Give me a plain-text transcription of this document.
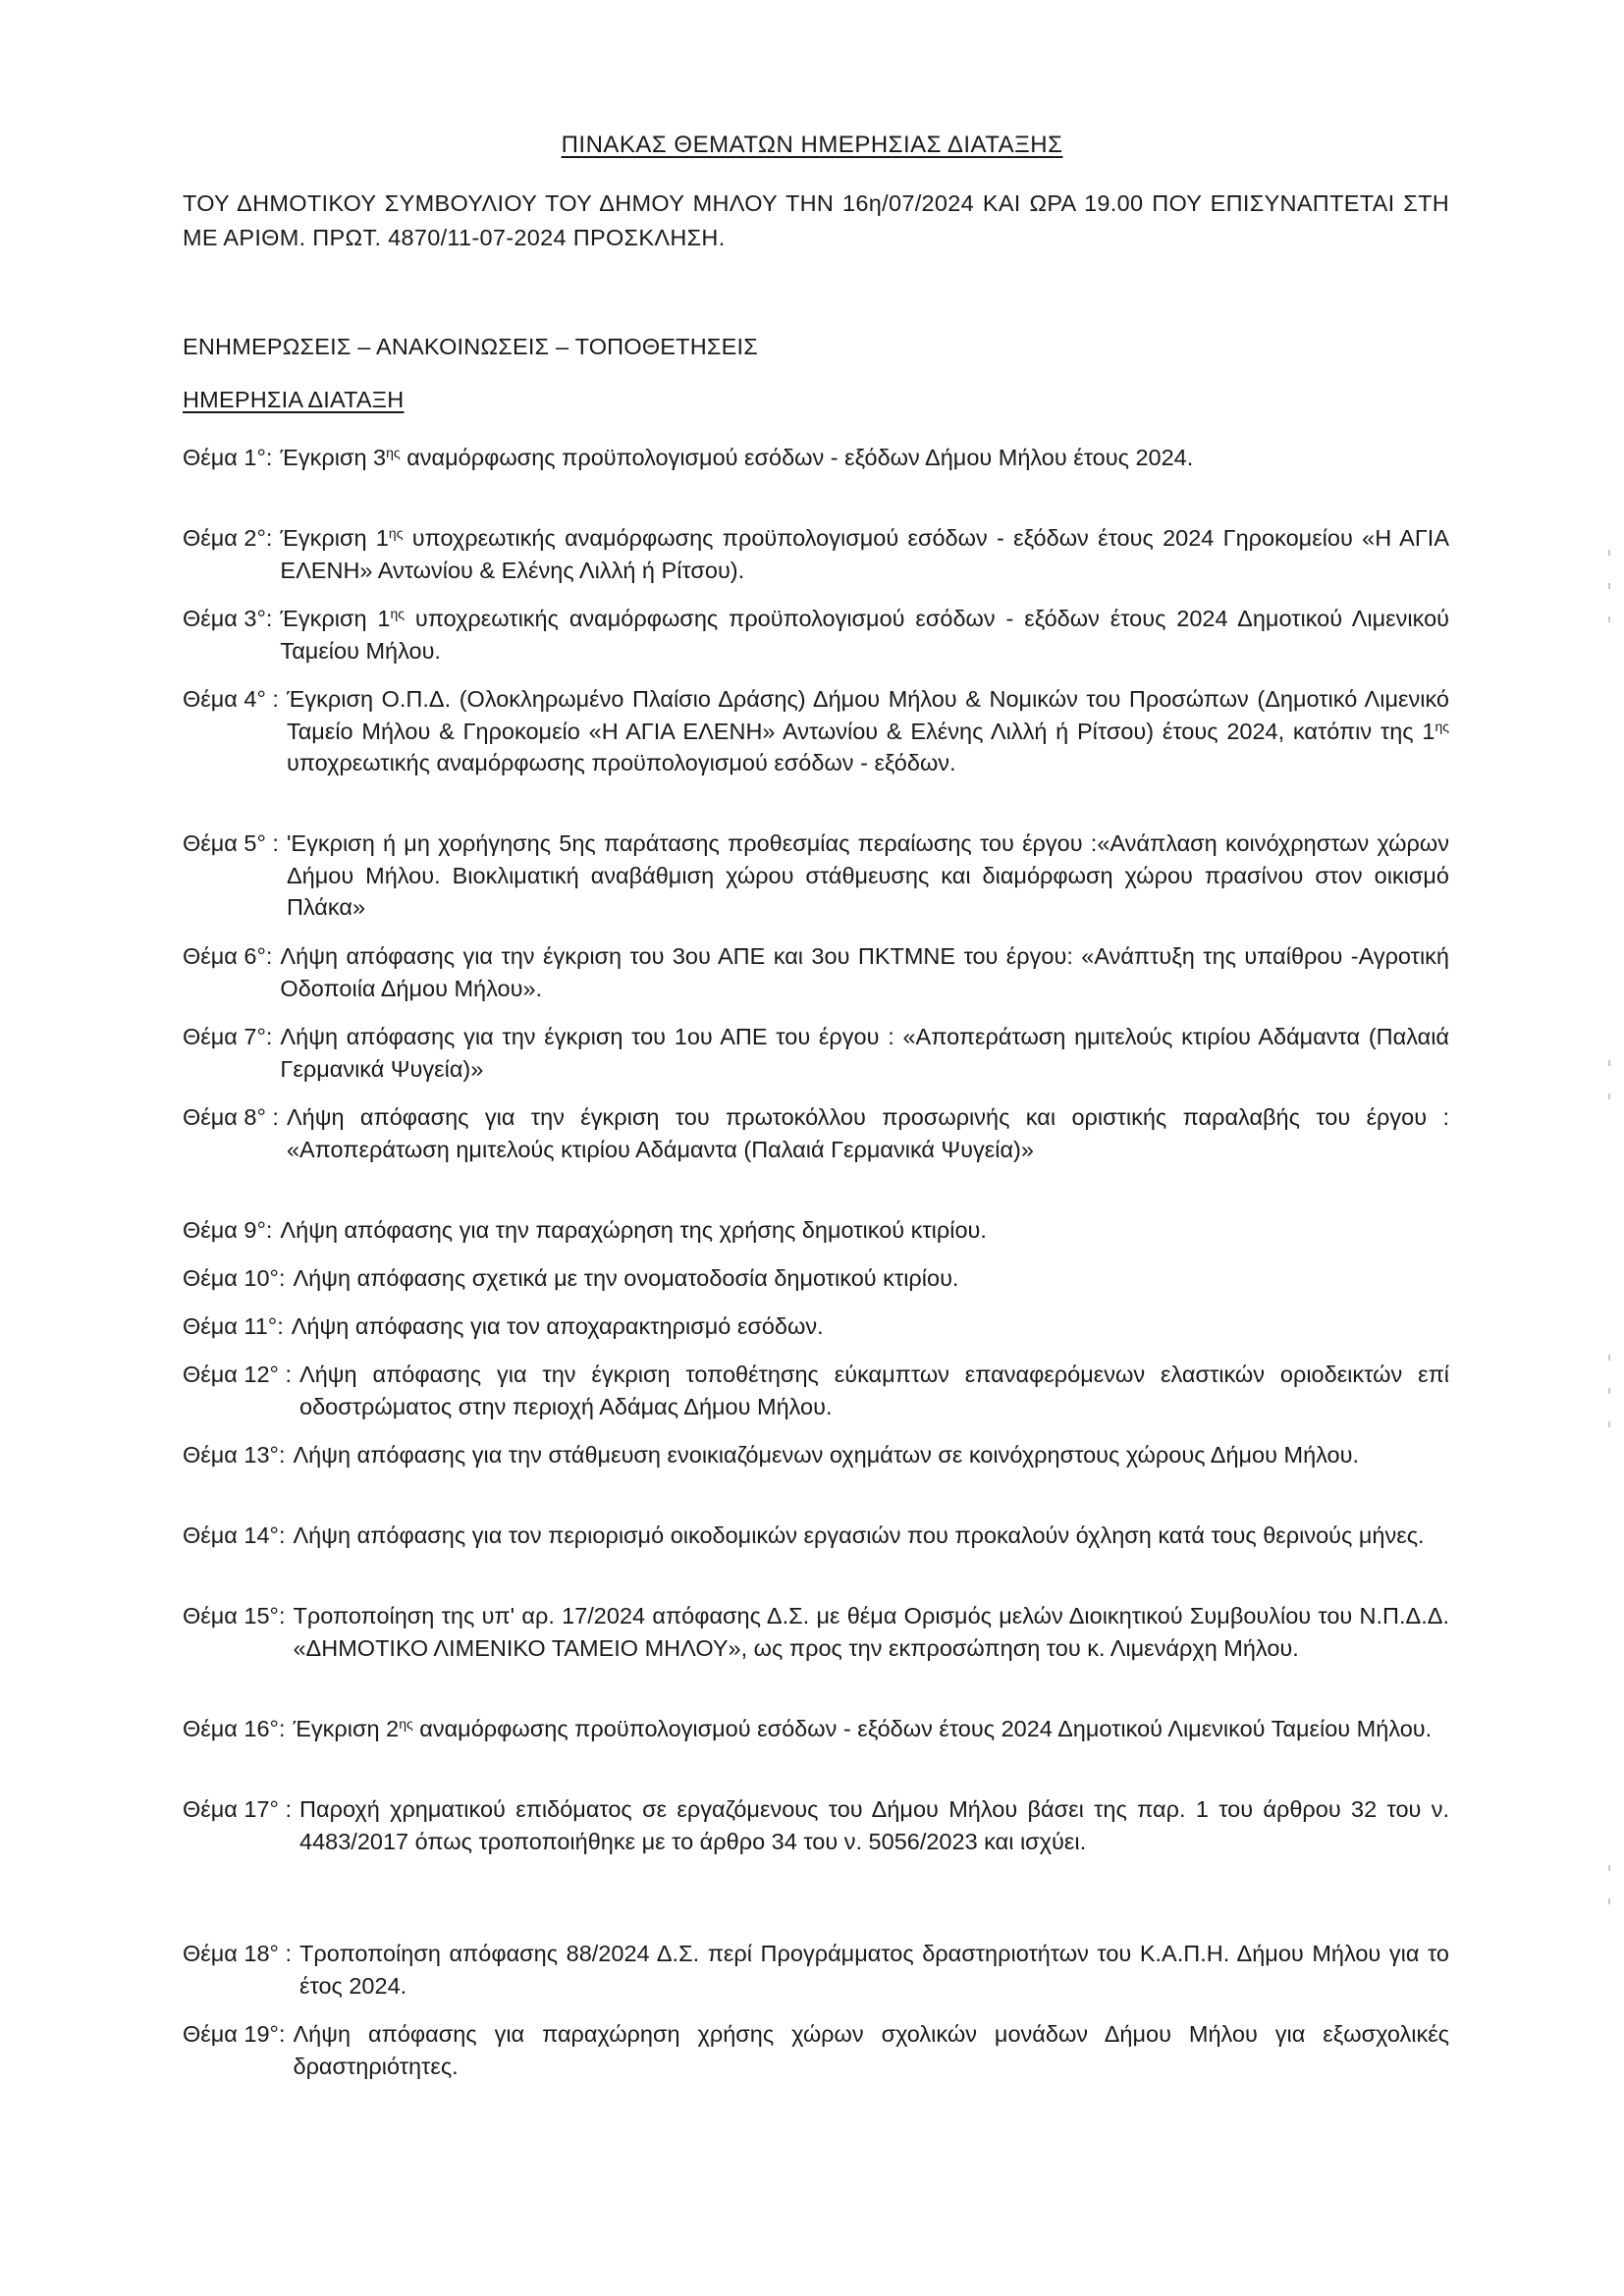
ΠΙΝΑΚΑΣ ΘΕΜΑΤΩΝ ΗΜΕΡΗΣΙΑΣ ΔΙΑΤΑΞΗΣ
ΤΟΥ ΔΗΜΟΤΙΚΟΥ ΣΥΜΒΟΥΛΙΟΥ ΤΟΥ ΔΗΜΟΥ ΜΗΛΟΥ ΤΗΝ 16η/07/2024 ΚΑΙ ΩΡΑ 19.00 ΠΟΥ ΕΠΙΣΥΝΑΠΤΕΤΑΙ ΣΤΗ ΜΕ ΑΡΙΘΜ. ΠΡΩΤ. 4870/11-07-2024 ΠΡΟΣΚΛΗΣΗ.
ΕΝΗΜΕΡΩΣΕΙΣ – ΑΝΑΚΟΙΝΩΣΕΙΣ – ΤΟΠΟΘΕΤΗΣΕΙΣ
ΗΜΕΡΗΣΙΑ ΔΙΑΤΑΞΗ
Θέμα 1°: Έγκριση $3^{\eta\varsigma}$ αναμόρφωσης προϋπολογισμού εσόδων - εξόδων Δήμου Μήλου έτους 2024.
Θέμα 2°: Έγκριση $1^{\eta\varsigma}$ υποχρεωτικής αναμόρφωσης προϋπολογισμού εσόδων - εξόδων έτους 2024 Γηροκομείου «Η ΑΓΙΑ ΕΛΕΝΗ» Αντωνίου & Ελένης Λιλλή ή Ρίτσου).
Θέμα 3°: Έγκριση $1^{\eta\varsigma}$ υποχρεωτικής αναμόρφωσης προϋπολογισμού εσόδων - εξόδων έτους 2024 Δημοτικού Λιμενικού Ταμείου Μήλου.
Θέμα 4° : Έγκριση Ο.Π.Δ. (Ολοκληρωμένο Πλαίσιο Δράσης) Δήμου Μήλου & Νομικών του Προσώπων (Δημοτικό Λιμενικό Ταμείο Μήλου & Γηροκομείο «Η ΑΓΙΑ ΕΛΕΝΗ» Αντωνίου & Ελένης Λιλλή ή Ρίτσου) έτους 2024, κατόπιν της $1^{\eta\varsigma}$ υποχρεωτικής αναμόρφωσης προϋπολογισμού εσόδων - εξόδων.
Θέμα 5° : 'Εγκριση ή μη χορήγησης 5ης παράτασης προθεσμίας περαίωσης του έργου :«Ανάπλαση κοινόχρηστων χώρων Δήμου Μήλου. Βιοκλιματική αναβάθμιση χώρου στάθμευσης και διαμόρφωση χώρου πρασίνου στον οικισμό Πλάκα»
Θέμα 6°: Λήψη απόφασης για την έγκριση του 3ου ΑΠΕ και 3ου ΠΚΤΜΝΕ του έργου: «Ανάπτυξη της υπαίθρου -Αγροτική Οδοποιία Δήμου Μήλου».
Θέμα 7°: Λήψη απόφασης για την έγκριση του 1ου ΑΠΕ του έργου : «Αποπεράτωση ημιτελούς κτιρίου Αδάμαντα (Παλαιά Γερμανικά Ψυγεία)»
Θέμα 8° : Λήψη απόφασης για την έγκριση του πρωτοκόλλου προσωρινής και οριστικής παραλαβής του έργου : «Αποπεράτωση ημιτελούς κτιρίου Αδάμαντα (Παλαιά Γερμανικά Ψυγεία)»
Θέμα 9°: Λήψη απόφασης για την παραχώρηση της χρήσης δημοτικού κτιρίου.
Θέμα 10°: Λήψη απόφασης σχετικά με την ονοματοδοσία δημοτικού κτιρίου.
Θέμα 11°: Λήψη απόφασης για τον αποχαρακτηρισμό εσόδων.
Θέμα 12° : Λήψη απόφασης για την έγκριση τοποθέτησης εύκαμπτων επαναφερόμενων ελαστικών οριοδεικτών επί οδοστρώματος στην περιοχή Αδάμας Δήμου Μήλου.
Θέμα 13°: Λήψη απόφασης για την στάθμευση ενοικιαζόμενων οχημάτων σε κοινόχρηστους χώρους Δήμου Μήλου.
Θέμα 14°: Λήψη απόφασης για τον περιορισμό οικοδομικών εργασιών που προκαλούν όχληση κατά τους θερινούς μήνες.
Θέμα 15°: Τροποποίηση της υπ' αρ. 17/2024 απόφασης Δ.Σ. με θέμα Ορισμός μελών Διοικητικού Συμβουλίου του Ν.Π.Δ.Δ. «ΔΗΜΟΤΙΚΟ ΛΙΜΕΝΙΚΟ ΤΑΜΕΙΟ ΜΗΛΟΥ», ως προς την εκπροσώπηση του κ. Λιμενάρχη Μήλου.
Θέμα 16°: Έγκριση $2^{\eta\varsigma}$ αναμόρφωσης προϋπολογισμού εσόδων - εξόδων έτους 2024 Δημοτικού Λιμενικού Ταμείου Μήλου.
Θέμα 17° : Παροχή χρηματικού επιδόματος σε εργαζόμενους του Δήμου Μήλου βάσει της παρ. 1 του άρθρου 32 του ν. 4483/2017 όπως τροποποιήθηκε με το άρθρο 34 του ν. 5056/2023 και ισχύει.
Θέμα 18° : Τροποποίηση απόφασης 88/2024 Δ.Σ. περί Προγράμματος δραστηριοτήτων του Κ.Α.Π.Η. Δήμου Μήλου για το έτος 2024.
Θέμα 19°: Λήψη απόφασης για παραχώρηση χρήσης χώρων σχολικών μονάδων Δήμου Μήλου για εξωσχολικές δραστηριότητες.
